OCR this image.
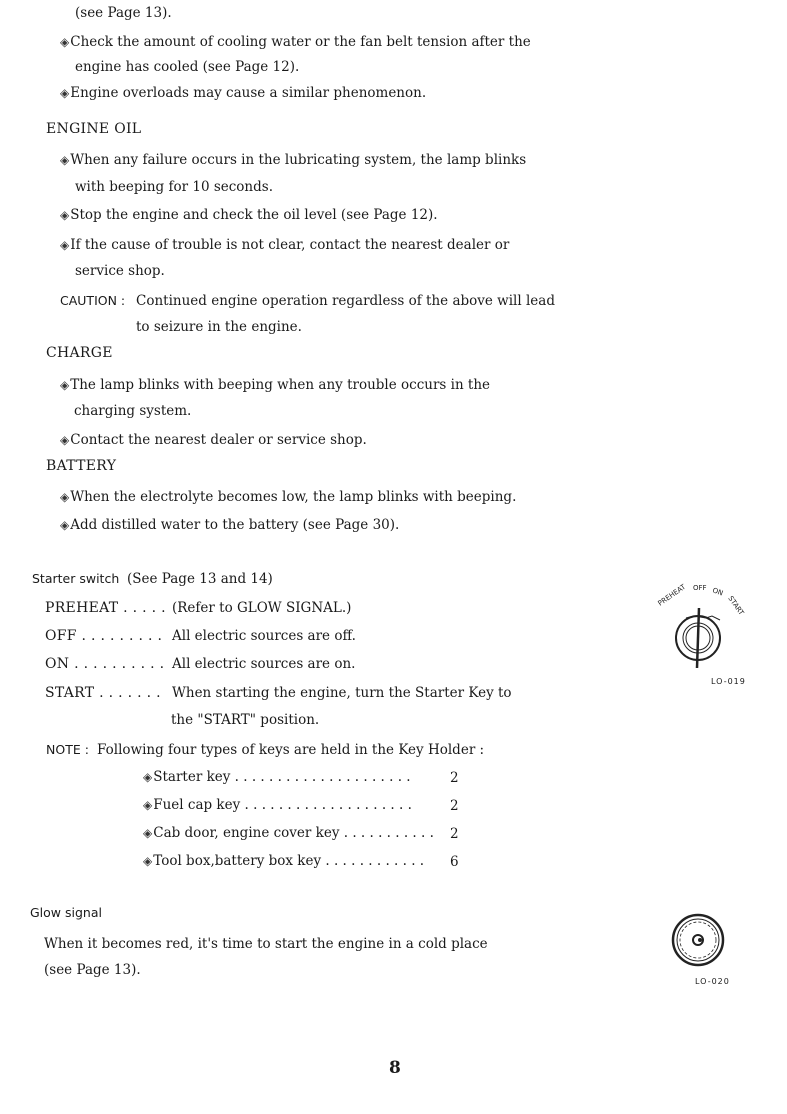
(see Page 13).
◈ Check the amount of cooling water or the fan belt tension after the
engine has cooled (see Page 12).
◈ Engine overloads may cause a similar phenomenon.
ENGINE OIL
◈ When any failure occurs in the lubricating system, the lamp blinks
with beeping for 10 seconds.
◈ Stop the engine and check the oil level (see Page 12).
◈ If the cause of trouble is not clear, contact the nearest dealer or
service shop.
CAUTION : Continued engine operation regardless of the above will lead
to seizure in the engine.
CHARGE
◈ The lamp blinks with beeping when any trouble occurs in the
charging system.
◈ Contact the nearest dealer or service shop.
BATTERY
◈ When the electrolyte becomes low, the lamp blinks with beeping.
◈ Add distilled water to the battery (see Page 30).
Starter switch (See Page 13 and 14)
PREHEAT . . . . . (Refer to GLOW SIGNAL.)
OFF . . . . . . . . . All electric sources are off.
ON . . . . . . . . . . All electric sources are on.
START . . . . . . . When starting the engine, turn the Starter Key to
the "START" position.
NOTE : Following four types of keys are held in the Key Holder :
◈ Starter key . . . . . . . . . . . . . . . . . . . . .	2
◈ Fuel cap key . . . . . . . . . . . . . . . . . . . .	2
◈ Cab door, engine cover key . . . . . . . . . . . 2
◈ Tool box,battery box key . . . . . . . . . . . . 6
PREHEAT OFF ON
START
LO-019
Glow signal
When it becomes red, it's time to start the engine in a cold place
(see Page 13).
LO-020
8
